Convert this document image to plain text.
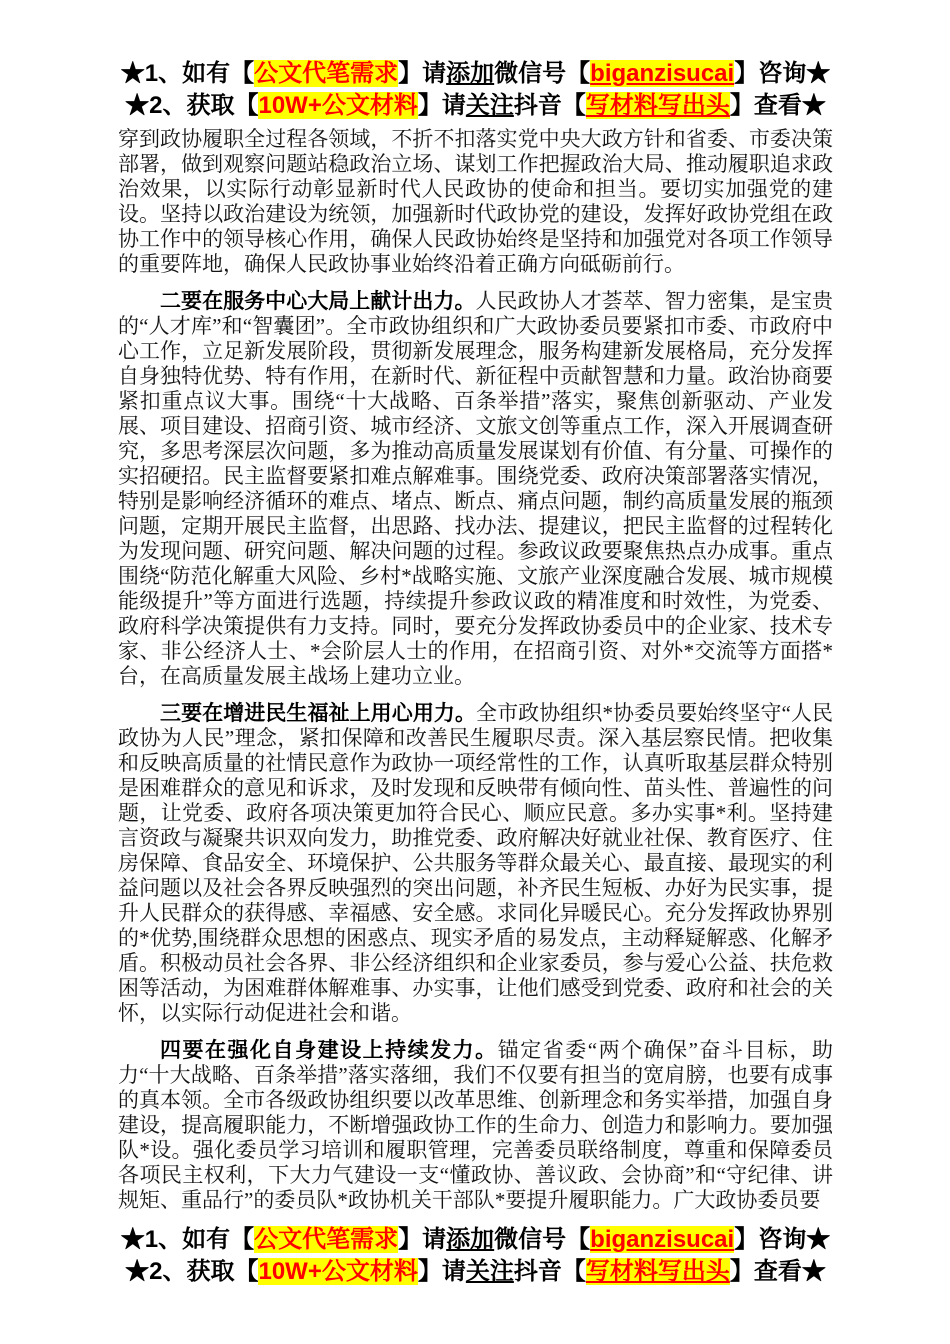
★1、如有【公文代笔需求】请添加微信号【biganzisucai】咨询★
★2、获取【10W+公文材料】请关注抖音【写材料写出头】查看★

穿到政协履职全过程各领域，不折不扣落实党中央大政方针和省委、市委决策部署，做到观察问题站稳政治立场、谋划工作把握政治大局、推动履职追求政治效果，以实际行动彰显新时代人民政协的使命和担当。要切实加强党的建设。坚持以政治建设为统领，加强新时代政协党的建设，发挥好政协党组在政协工作中的领导核心作用，确保人民政协始终是坚持和加强党对各项工作领导的重要阵地，确保人民政协事业始终沿着正确方向砥砺前行。

二要在服务中心大局上献计出力。人民政协人才荟萃、智力密集，是宝贵的“人才库”和“智囊团”。全市政协组织和广大政协委员要紧扣市委、市政府中心工作，立足新发展阶段，贯彻新发展理念，服务构建新发展格局，充分发挥自身独特优势、特有作用，在新时代、新征程中贡献智慧和力量。政治协商要紧扣重点议大事。围绕“十大战略、百条举措”落实，聚焦创新驱动、产业发展、项目建设、招商引资、城市经济、文旅文创等重点工作，深入开展调查研究，多思考深层次问题，多为推动高质量发展谋划有价值、有分量、可操作的实招硬招。民主监督要紧扣难点解难事。围绕党委、政府决策部署落实情况，特别是影响经济循环的难点、堵点、断点、痛点问题，制约高质量发展的瓶颈问题，定期开展民主监督，出思路、找办法、提建议，把民主监督的过程转化为发现问题、研究问题、解决问题的过程。参政议政要聚焦热点办成事。重点围绕“防范化解重大风险、乡村*战略实施、文旅产业深度融合发展、城市规模能级提升”等方面进行选题，持续提升参政议政的精准度和时效性，为党委、政府科学决策提供有力支持。同时，要充分发挥政协委员中的企业家、技术专家、非公经济人士、*会阶层人士的作用，在招商引资、对外*交流等方面搭*台，在高质量发展主战场上建功立业。

三要在增进民生福祉上用心用力。全市政协组织*协委员要始终坚守“人民政协为人民”理念，紧扣保障和改善民生履职尽责。深入基层察民情。把收集和反映高质量的社情民意作为政协一项经常性的工作，认真听取基层群众特别是困难群众的意见和诉求，及时发现和反映带有倾向性、苗头性、普遍性的问题，让党委、政府各项决策更加符合民心、顺应民意。多办实事*利。坚持建言资政与凝聚共识双向发力，助推党委、政府解决好就业社保、教育医疗、住房保障、食品安全、环境保护、公共服务等群众最关心、最直接、最现实的利益问题以及社会各界反映强烈的突出问题，补齐民生短板、办好为民实事，提升人民群众的获得感、幸福感、安全感。求同化异暖民心。充分发挥政协界别的*优势,围绕群众思想的困惑点、现实矛盾的易发点，主动释疑解惑、化解矛盾。积极动员社会各界、非公经济组织和企业家委员，参与爱心公益、扶危救困等活动，为困难群体解难事、办实事，让他们感受到党委、政府和社会的关怀，以实际行动促进社会和谐。

四要在强化自身建设上持续发力。锚定省委“两个确保”奋斗目标，助力“十大战略、百条举措”落实落细，我们不仅要有担当的宽肩膀，也要有成事的真本领。全市各级政协组织要以改革思维、创新理念和务实举措，加强自身建设，提高履职能力，不断增强政协工作的生命力、创造力和影响力。要加强队*设。强化委员学习培训和履职管理，完善委员联络制度，尊重和保障委员各项民主权利，下大力气建设一支“懂政协、善议政、会协商”和“守纪律、讲规矩、重品行”的委员队*政协机关干部队*要提升履职能力。广大政协委员要

★1、如有【公文代笔需求】请添加微信号【biganzisucai】咨询★
★2、获取【10W+公文材料】请关注抖音【写材料写出头】查看★
